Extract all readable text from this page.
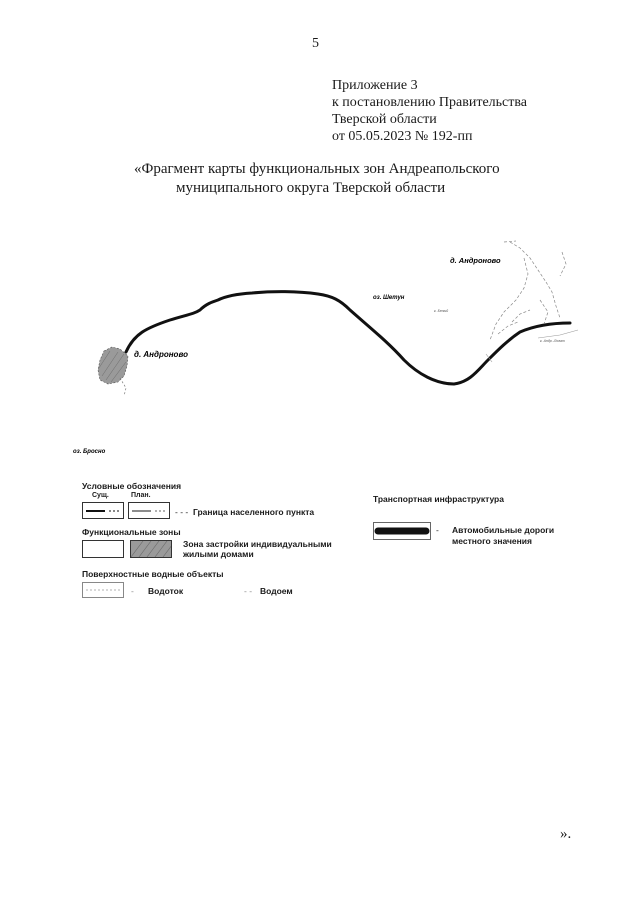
5
Приложение 3
к постановлению Правительства
Тверской области
от 05.05.2023 № 192-пп
«Фрагмент карты функциональных зон Андреапольского
муниципального округа Тверской области
д. Андроново
д. Андроново
оз. Шетун
оз. Бросно
к. Белый
к. Андр.-Ловат
Условные обозначения
Сущ.	План.
- - - Граница населенного пункта
Функциональные зоны
Зона застройки индивидуальными
жилыми домами
Поверхностные водные объекты
- Водоток	- - Водоем
Транспортная инфраструктура
- Автомобильные дороги
местного значения
».
